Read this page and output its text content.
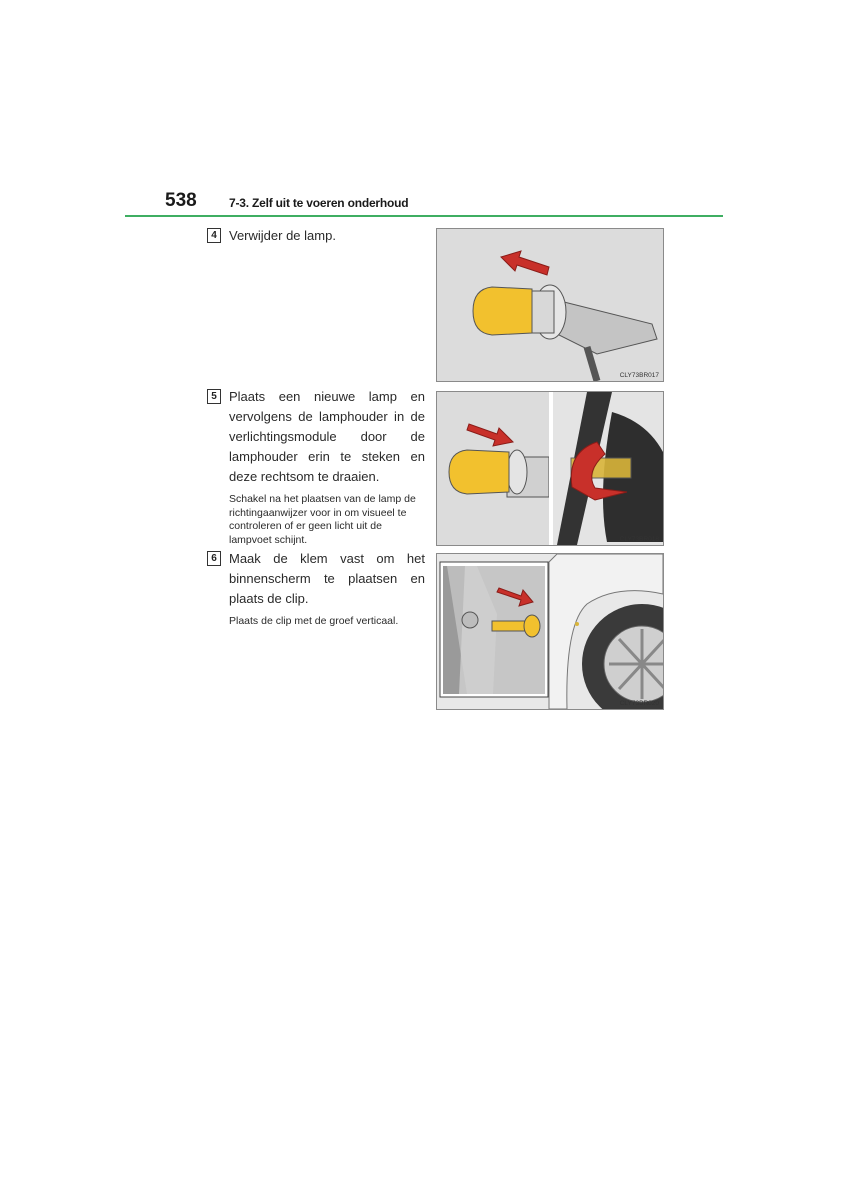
538	7-3. Zelf uit te voeren onderhoud
4 Verwijder de lamp.
5 Plaats een nieuwe lamp en vervolgens de lamphouder in de verlichtingsmodule door de lamphouder erin te steken en deze rechtsom te draaien.
Schakel na het plaatsen van de lamp de richtingaanwijzer voor in om visueel te controleren of er geen licht uit de lampvoet schijnt.
6 Maak de klem vast om het binnenscherm te plaatsen en plaats de clip.
Plaats de clip met de groef verticaal.
CLY73BR017
CLY73BR018
CLY73BR020
